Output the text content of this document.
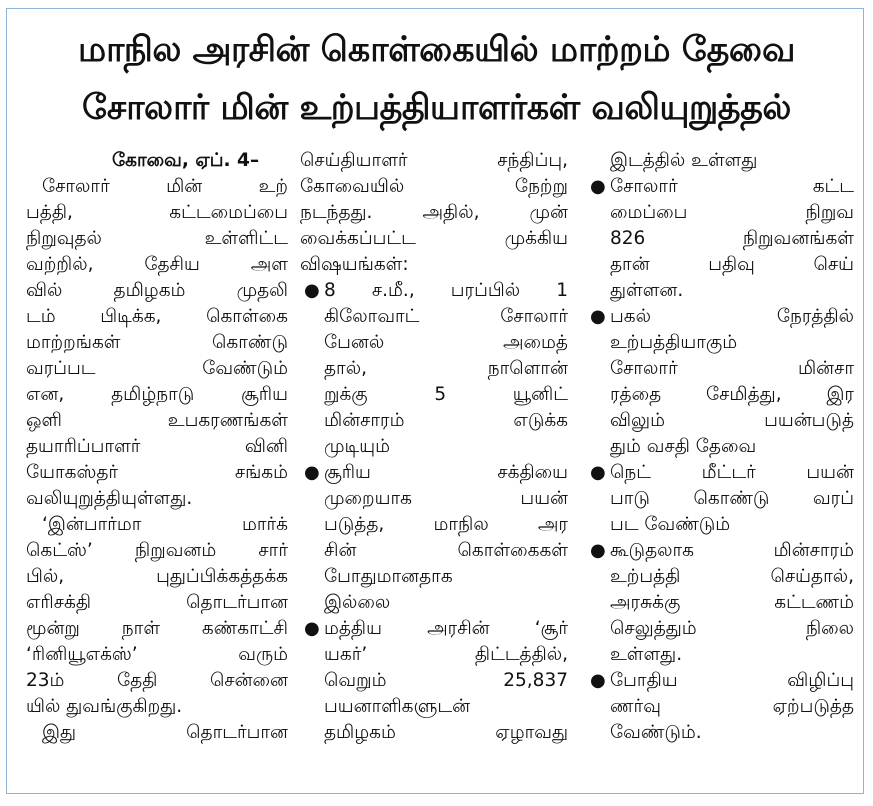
மாநில அரசின் கொள்கையில் மாற்றம் தேவை
சோலார் மின் உற்பத்தியாளர்கள் வலியுறுத்தல்
கோவை, ஏப். 4–
சோலார் மின் உற்
பத்தி, கட்டமைப்பை
நிறுவுதல் உள்ளிட்ட
வற்றில், தேசிய அள
வில் தமிழகம் முதலி
டம் பிடிக்க, கொள்கை
மாற்றங்கள் கொண்டு
வரப்பட வேண்டும்
என, தமிழ்நாடு சூரிய
ஒளி உபகரணங்கள்
தயாரிப்பாளர் வினி
யோகஸ்தர் சங்கம்
வலியுறுத்தியுள்ளது.
‘இன்பார்மா மார்க்
கெட்ஸ்’ நிறுவனம் சார்
பில், புதுப்பிக்கத்தக்க
எரிசக்தி தொடர்பான
மூன்று நாள் கண்காட்சி
‘ரினியூஎக்ஸ்’ வரும்
23ம் தேதி சென்னை
யில் துவங்குகிறது.
இது தொடர்பான
செய்தியாளர் சந்திப்பு,
கோவையில் நேற்று
நடந்தது. அதில், முன்
வைக்கப்பட்ட முக்கிய
விஷயங்கள்:
● 8 ச.மீ., பரப்பில் 1
கிலோவாட் சோலார்
பேனல் அமைத்
தால், நாளொன்
றுக்கு 5 யூனிட்
மின்சாரம் எடுக்க
முடியும்
● சூரிய சக்தியை
முறையாக பயன்
படுத்த, மாநில அர
சின் கொள்கைகள்
போதுமானதாக
இல்லை
● மத்திய அரசின் ‘சூர்
யகர்’ திட்டத்தில்,
வெறும் 25,837
பயனாளிகளுடன்
தமிழகம் ஏழாவது
இடத்தில் உள்ளது
● சோலார் கட்ட
மைப்பை நிறுவ
826 நிறுவனங்கள்
தான் பதிவு செய்
துள்ளன.
● பகல் நேரத்தில்
உற்பத்தியாகும்
சோலார் மின்சா
ரத்தை சேமித்து, இர
விலும் பயன்படுத்
தும் வசதி தேவை
● நெட் மீட்டர் பயன்
பாடு கொண்டு வரப்
பட வேண்டும்
● கூடுதலாக மின்சாரம்
உற்பத்தி செய்தால்,
அரசுக்கு கட்டணம்
செலுத்தும் நிலை
உள்ளது.
● போதிய விழிப்பு
ணர்வு ஏற்படுத்த
வேண்டும்.
